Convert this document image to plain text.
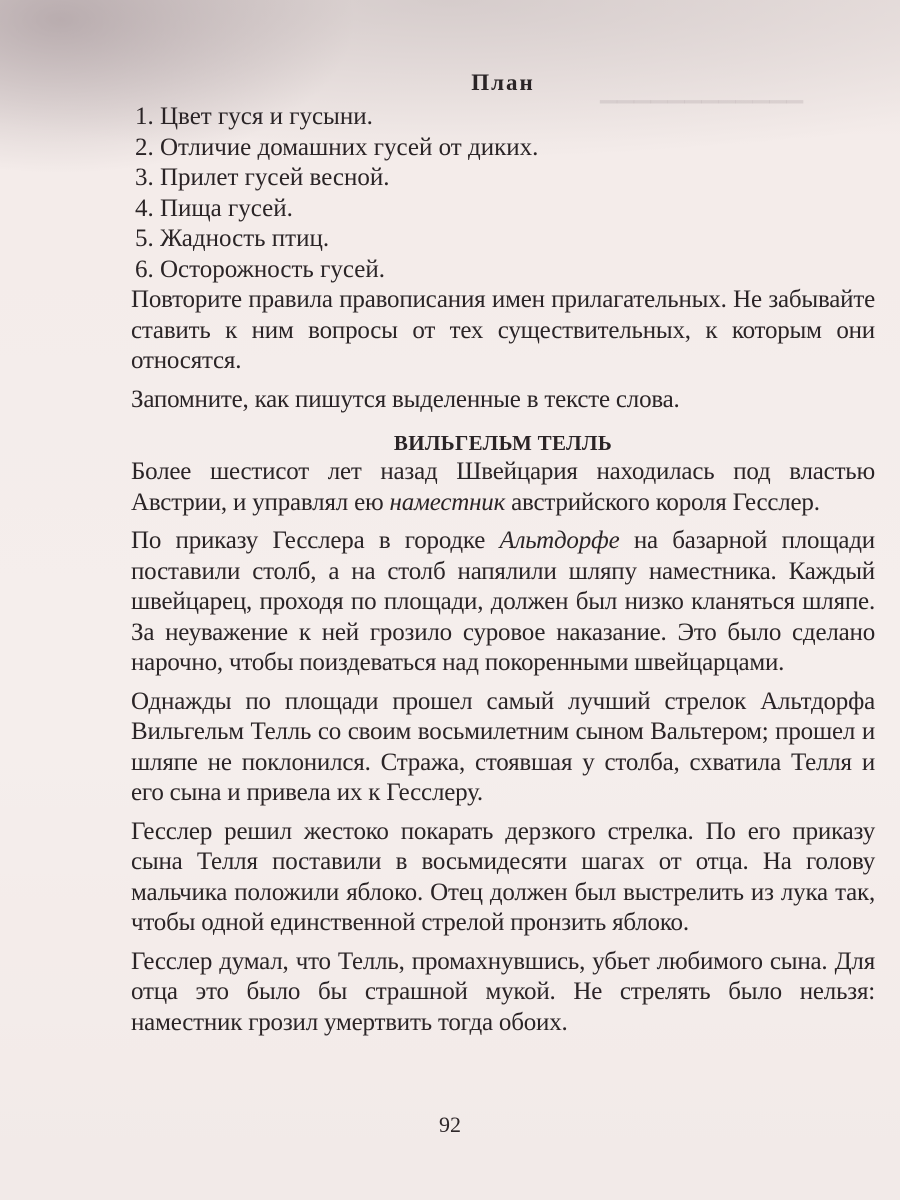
▁▁▁▁▁▁▁▁▁▁▁▁
План
1. Цвет гуся и гусыни.
2. Отличие домашних гусей от диких.
3. Прилет гусей весной.
4. Пища гусей.
5. Жадность птиц.
6. Осторожность гусей.

Повторите правила правописания имен прилагательных. Не забывайте ставить к ним вопросы от тех существительных, к которым они относятся.

Запомните, как пишутся выделенные в тексте слова.

ВИЛЬГЕЛЬМ ТЕЛЛЬ

Более шестисот лет назад Швейцария находилась под властью Австрии, и управлял ею наместник австрийского короля Гесслер.

По приказу Гесслера в городке Альтдорфе на базарной площади поставили столб, а на столб напялили шляпу наместника. Каждый швейцарец, проходя по площади, должен был низко кланяться шляпе. За неуважение к ней грозило суровое наказание. Это было сделано нарочно, чтобы поиздеваться над покоренными швейцарцами.

Однажды по площади прошел самый лучший стрелок Альтдорфа Вильгельм Телль со своим восьмилетним сыном Вальтером; прошел и шляпе не поклонился. Стража, стоявшая у столба, схватила Телля и его сына и привела их к Гесслеру.

Гесслер решил жестоко покарать дерзкого стрелка. По его приказу сына Телля поставили в восьмидесяти шагах от отца. На голову мальчика положили яблоко. Отец должен был выстрелить из лука так, чтобы одной единственной стрелой пронзить яблоко.

Гесслер думал, что Телль, промахнувшись, убьет любимого сына. Для отца это было бы страшной мукой. Не стрелять было нельзя: наместник грозил умертвить тогда обоих.

92
